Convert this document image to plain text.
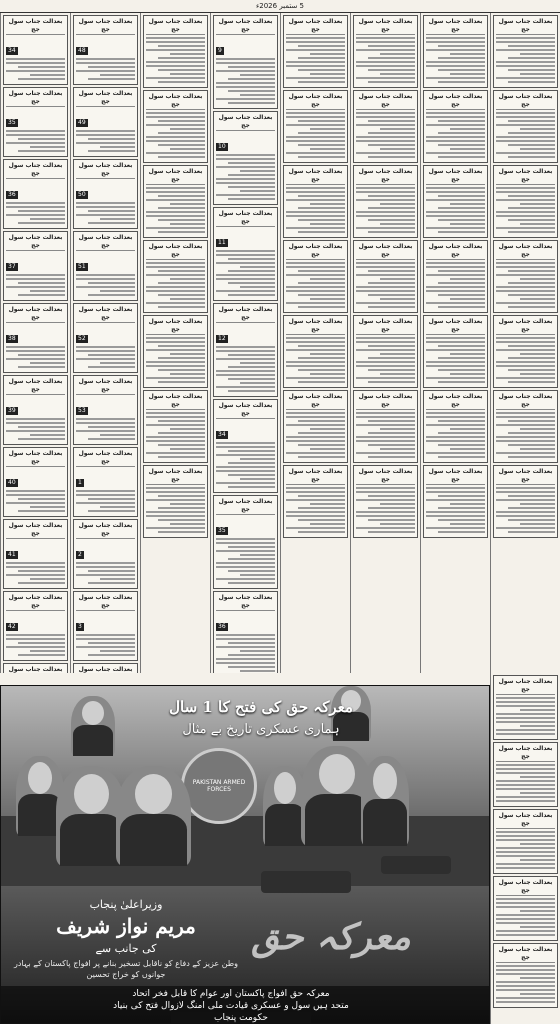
5 ستمبر 2026ء
بعدالت جناب سول جج
34
بعدالت جناب سول جج
35
بعدالت جناب سول جج
36
بعدالت جناب سول جج
37
بعدالت جناب سول جج
38
بعدالت جناب سول جج
39
بعدالت جناب سول جج
40
بعدالت جناب سول جج
41
بعدالت جناب سول جج
42
بعدالت جناب سول
بعدالت جناب سول جج
48
بعدالت جناب سول جج
49
بعدالت جناب سول جج
50
بعدالت جناب سول جج
51
بعدالت جناب سول جج
52
بعدالت جناب سول جج
53
بعدالت جناب سول جج
1
بعدالت جناب سول جج
2
بعدالت جناب سول جج
3
بعدالت جناب سول
بعدالت جناب سول جج
بعدالت جناب سول جج
بعدالت جناب سول جج
بعدالت جناب سول جج
بعدالت جناب سول جج
بعدالت جناب سول جج
بعدالت جناب سول جج
بعدالت جناب سول جج
9
بعدالت جناب سول جج
10
بعدالت جناب سول جج
11
بعدالت جناب سول جج
12
بعدالت جناب سول جج
34
بعدالت جناب سول جج
35
بعدالت جناب سول جج
36
بعدالت جناب سول جج
بعدالت جناب سول جج
بعدالت جناب سول جج
بعدالت جناب سول جج
بعدالت جناب سول جج
بعدالت جناب سول جج
بعدالت جناب سول جج
بعدالت جناب سول جج
بعدالت جناب سول جج
بعدالت جناب سول جج
بعدالت جناب سول جج
بعدالت جناب سول جج
بعدالت جناب سول جج
بعدالت جناب سول جج
بعدالت جناب سول جج
بعدالت جناب سول جج
بعدالت جناب سول جج
بعدالت جناب سول جج
بعدالت جناب سول جج
بعدالت جناب سول جج
بعدالت جناب سول جج
بعدالت جناب سول جج
بعدالت جناب سول جج
بعدالت جناب سول جج
بعدالت جناب سول جج
بعدالت جناب سول جج
بعدالت جناب سول جج
بعدالت جناب سول جج
بعدالت جناب سول جج
بعدالت جناب سول جج
بعدالت جناب سول جج
بعدالت جناب سول جج
بعدالت جناب سول جج
معرکہ حق کی فتح کا 1 سال
ہماری عسکری تاریخ بے مثال
PAKISTAN ARMED FORCES
وزیراعلیٰ پنجاب
مریم نواز شریف
کی جانب سے
وطن عزیز کے دفاع کو ناقابل تسخیر بنانے پر افواج پاکستان کے بہادر جوانوں کو خراج تحسین
معرکہ حق
معرکہ حق افواج پاکستان اور عوام کا قابل فخر اتحاد
متحد ہیں سول و عسکری قیادت ملی امنگ لازوال فتح کی بنیاد
حکومت پنجاب
